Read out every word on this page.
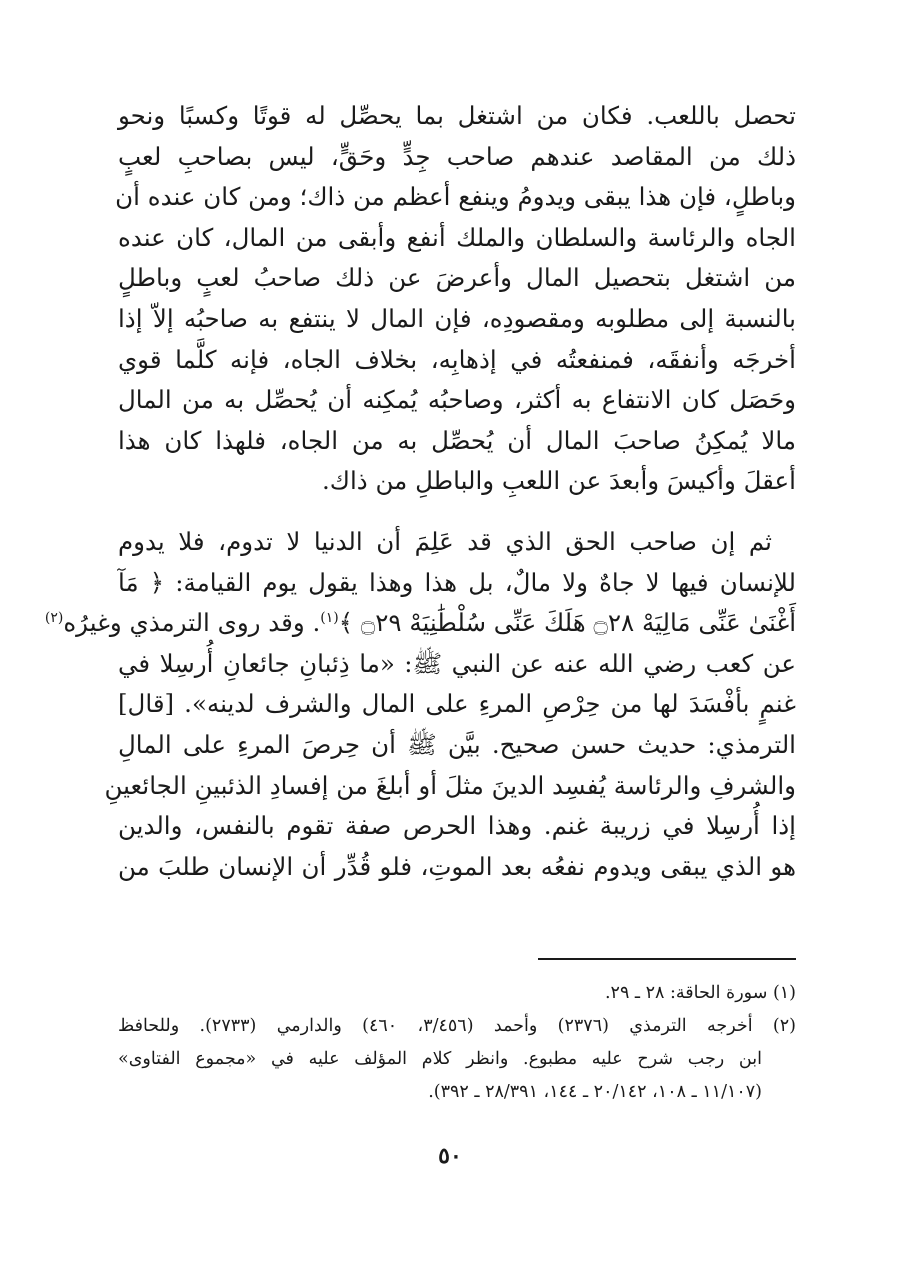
تحصل باللعب. فكان من اشتغل بما يحصِّل له قوتًا وكسبًا ونحو
ذلك من المقاصد عندهم صاحب جِدٍّ وحَقٍّ، ليس بصاحبِ لعبٍ
وباطلٍ، فإن هذا يبقى ويدومُ وينفع أعظم من ذاك؛ ومن كان عنده أن
الجاه والرئاسة والسلطان والملك أنفع وأبقى من المال، كان عنده
من اشتغل بتحصيل المال وأعرضَ عن ذلك صاحبُ لعبٍ وباطلٍ
بالنسبة إلى مطلوبه ومقصودِه، فإن المال لا ينتفع به صاحبُه إلاّ إذا
أخرجَه وأنفقَه، فمنفعتُه في إذهابِه، بخلاف الجاه، فإنه كلَّما قوي
وحَصَل كان الانتفاع به أكثر، وصاحبُه يُمكِنه أن يُحصِّل به من المال
مالا يُمكِنُ صاحبَ المال أن يُحصِّل به من الجاه، فلهذا كان هذا
أعقلَ وأكيسَ وأبعدَ عن اللعبِ والباطلِ من ذاك.

ثم إن صاحب الحق الذي قد عَلِمَ أن الدنيا لا تدوم، فلا يدوم
للإنسان فيها لا جاهٌ ولا مالٌ، بل هذا وهذا يقول يوم القيامة: ﴿ مَآ
أَغْنَىٰ عَنِّى مَالِيَهْ ۝٢٨ هَلَكَ عَنِّى سُلْطَٰنِيَهْ ۝٢٩ ﴾$^{(١)}$. وقد روى الترمذي وغيرُه$^{(٢)}$
عن كعب رضي الله عنه عن النبي ﷺ: «ما ذِئبانِ جائعانِ أُرسِلا في
غنمٍ بأفْسَدَ لها من حِرْصِ المرءِ على المال والشرف لدينه». [قال]
الترمذي: حديث حسن صحيح. بيَّن ﷺ أن حِرصَ المرءِ على المالِ
والشرفِ والرئاسة يُفسِد الدينَ مثلَ أو أبلغَ من إفسادِ الذئبينِ الجائعينِ
إذا أُرسِلا في زريبة غنم. وهذا الحرص صفة تقوم بالنفس، والدين
هو الذي يبقى ويدوم نفعُه بعد الموتِ، فلو قُدِّر أن الإنسان طلبَ من

(١) سورة الحاقة: ٢٨ ـ ٢٩.
(٢) أخرجه الترمذي (٢٣٧٦) وأحمد (٣/٤٥٦، ٤٦٠) والدارمي (٢٧٣٣). وللحافظ
ابن رجب شرح عليه مطبوع. وانظر كلام المؤلف عليه في «مجموع الفتاوى»
(١١/١٠٧ ـ ١٠٨، ٢٠/١٤٢ ـ ١٤٤، ٢٨/٣٩١ ـ ٣٩٢).
٥٠
